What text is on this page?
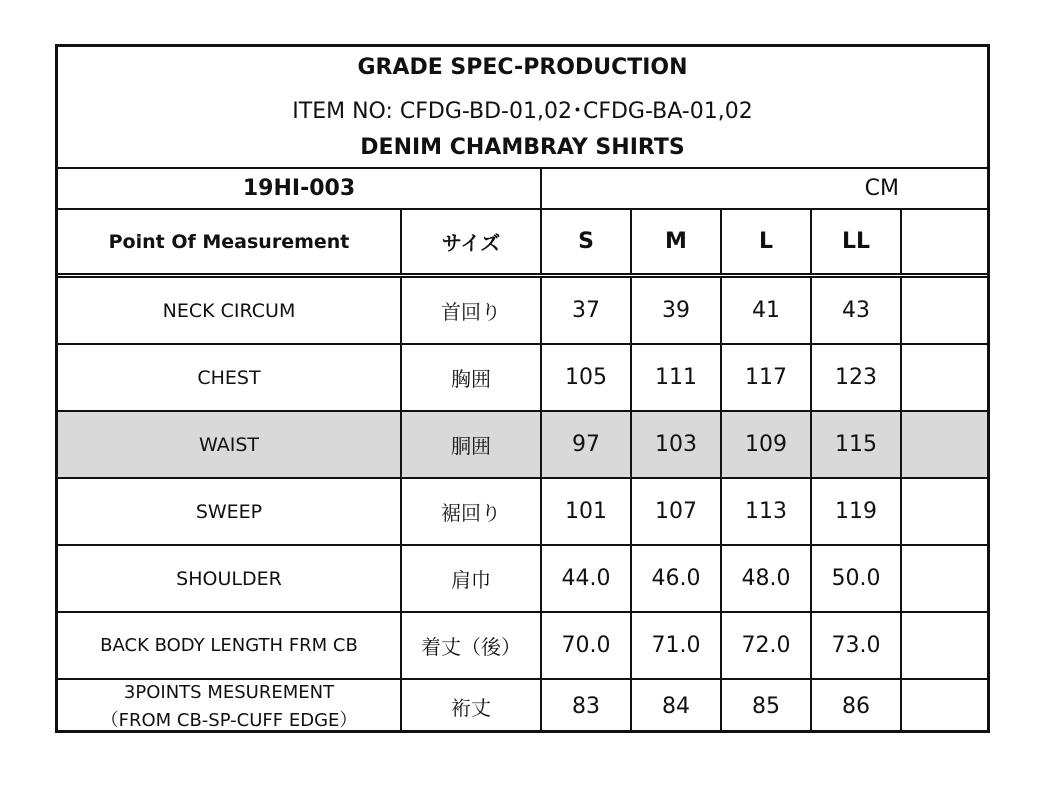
GRADE SPEC-PRODUCTION
ITEM NO: CFDG-BD-01,02･CFDG-BA-01,02
DENIM CHAMBRAY SHIRTS
19HI-003	CM
Point Of Measurement	サイズ	S	M	L	LL
NECK CIRCUM	首回り	37	39	41	43
CHEST	胸囲	105	111	117	123
WAIST	胴囲	97	103	109	115
SWEEP	裾回り	101	107	113	119
SHOULDER	肩巾	44.0	46.0	48.0	50.0
BACK BODY LENGTH FRM CB	着丈（後）	70.0	71.0	72.0	73.0
3POINTS MESUREMENT
（FROM CB-SP-CUFF EDGE）	裄丈	83	84	85	86
